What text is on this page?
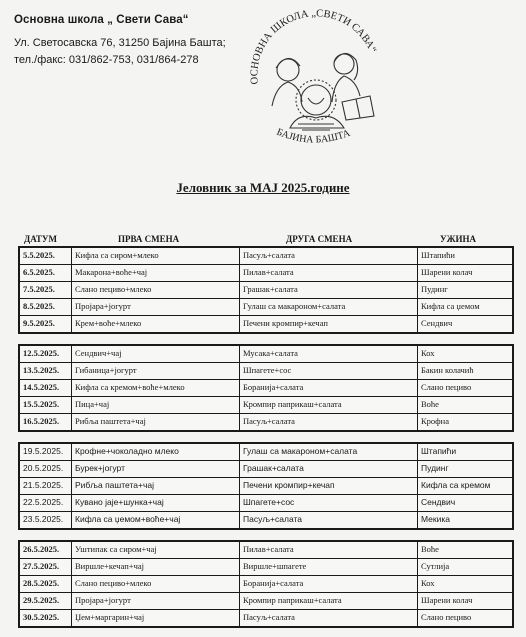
Основна школа „ Свети Сава“
Ул. Светосавска 76, 31250 Бајина Башта;
тел./факс: 031/862-753, 031/864-278
ОСНОВНА ШКОЛА „СВЕТИ САВА“
БАЈИНА БАШТА
Јеловник за МАЈ 2025.године
ДАТУМ	ПРВА СМЕНА	ДРУГА СМЕНА	УЖИНА
5.5.2025.	Кифла са сиром+млеко	Пасуљ+салата	Штапићи
6.5.2025.	Макарона+воће+чај	Пилав+салата	Шарени колач
7.5.2025.	Слано пециво+млеко	Грашак+салата	Пудинг
8.5.2025.	Пројара+јогурт	Гулаш са макароном+салата	Кифла са џемом
9.5.2025.	Крем+воће+млеко	Печени кромпир+кечап	Сендвич
12.5.2025.	Сендвич+чај	Мусака+салата	Кох
13.5.2025.	Гибаница+јогурт	Шпагете+сос	Бакин колачић
14.5.2025.	Кифла са кремом+воће+млеко	Боранија+салата	Слано пециво
15.5.2025.	Пица+чај	Кромпир паприкаш+салата	Воће
16.5.2025.	Рибља паштета+чај	Пасуљ+салата	Крофна
19.5.2025.	Крофне+чоколадно млеко	Гулаш са макароном+салата	Штапићи
20.5.2025.	Бурек+јогурт	Грашак+салата	Пудинг
21.5.2025.	Рибља паштета+чај	Печени кромпир+кечап	Кифла са кремом
22.5.2025.	Кувано јаје+шунка+чај	Шпагете+сос	Сендвич
23.5.2025.	Кифла са џемом+воће+чај	Пасуљ+салата	Мекика
26.5.2025.	Уштипак са сиром+чај	Пилав+салата	Воће
27.5.2025.	Виршле+кечап+чај	Виршле+шпагете	Сутлија
28.5.2025.	Слано пециво+млеко	Боранија+салата	Кох
29.5.2025.	Пројара+јогурт	Кромпир паприкаш+салата	Шарени колач
30.5.2025.	Џем+маргарин+чај	Пасуљ+салата	Слано пециво
